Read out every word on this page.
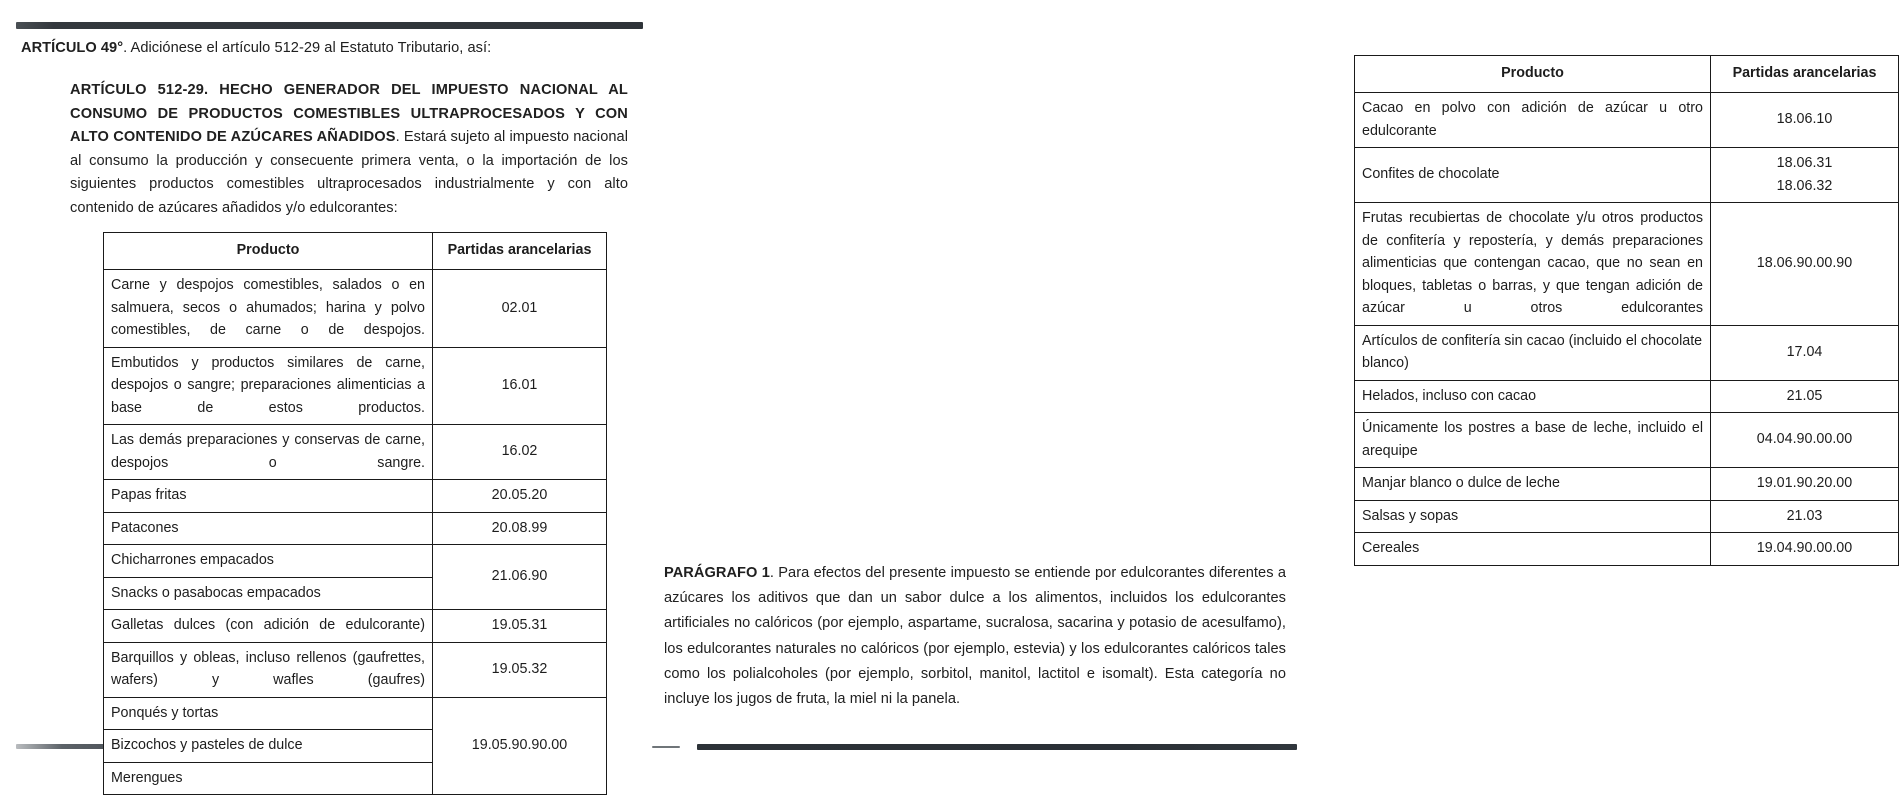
ARTÍCULO 49°. Adiciónese el artículo 512-29 al Estatuto Tributario, así:
ARTÍCULO 512-29. HECHO GENERADOR DEL IMPUESTO NACIONAL AL CONSUMO DE PRODUCTOS COMESTIBLES ULTRAPROCESADOS Y CON ALTO CONTENIDO DE AZÚCARES AÑADIDOS. Estará sujeto al impuesto nacional al consumo la producción y consecuente primera venta, o la importación de los siguientes productos comestibles ultraprocesados industrialmente y con alto contenido de azúcares añadidos y/o edulcorantes:
Producto	Partidas arancelarias
Carne y despojos comestibles, salados o en salmuera, secos o ahumados; harina y polvo comestibles, de carne o de despojos.	02.01
Embutidos y productos similares de carne, despojos o sangre; preparaciones alimenticias a base de estos productos.	16.01
Las demás preparaciones y conservas de carne, despojos o sangre.	16.02
Papas fritas	20.05.20
Patacones	20.08.99
Chicharrones empacados	21.06.90
Snacks o pasabocas empacados	
Galletas dulces (con adición de edulcorante)	19.05.31
Barquillos y obleas, incluso rellenos (gaufrettes, wafers) y wafles (gaufres)	19.05.32
Ponqués y tortas	19.05.90.90.00
Bizcochos y pasteles de dulce	
Merengues	
Producto	Partidas arancelarias
Cacao en polvo con adición de azúcar u otro edulcorante	18.06.10
Confites de chocolate	18.06.31
18.06.32
Frutas recubiertas de chocolate y/u otros productos de confitería y repostería, y demás preparaciones alimenticias que contengan cacao, que no sean en bloques, tabletas o barras, y que tengan adición de azúcar u otros edulcorantes	18.06.90.00.90
Artículos de confitería sin cacao (incluido el chocolate blanco)	17.04
Helados, incluso con cacao	21.05
Únicamente los postres a base de leche, incluido el arequipe	04.04.90.00.00
Manjar blanco o dulce de leche	19.01.90.20.00
Salsas y sopas	21.03
Cereales	19.04.90.00.00
PARÁGRAFO 1. Para efectos del presente impuesto se entiende por edulcorantes diferentes a azúcares los aditivos que dan un sabor dulce a los alimentos, incluidos los edulcorantes artificiales no calóricos (por ejemplo, aspartame, sucralosa, sacarina y potasio de acesulfamo), los edulcorantes naturales no calóricos (por ejemplo, estevia) y los edulcorantes calóricos tales como los polialcoholes (por ejemplo, sorbitol, manitol, lactitol e isomalt). Esta categoría no incluye los jugos de fruta, la miel ni la panela.
